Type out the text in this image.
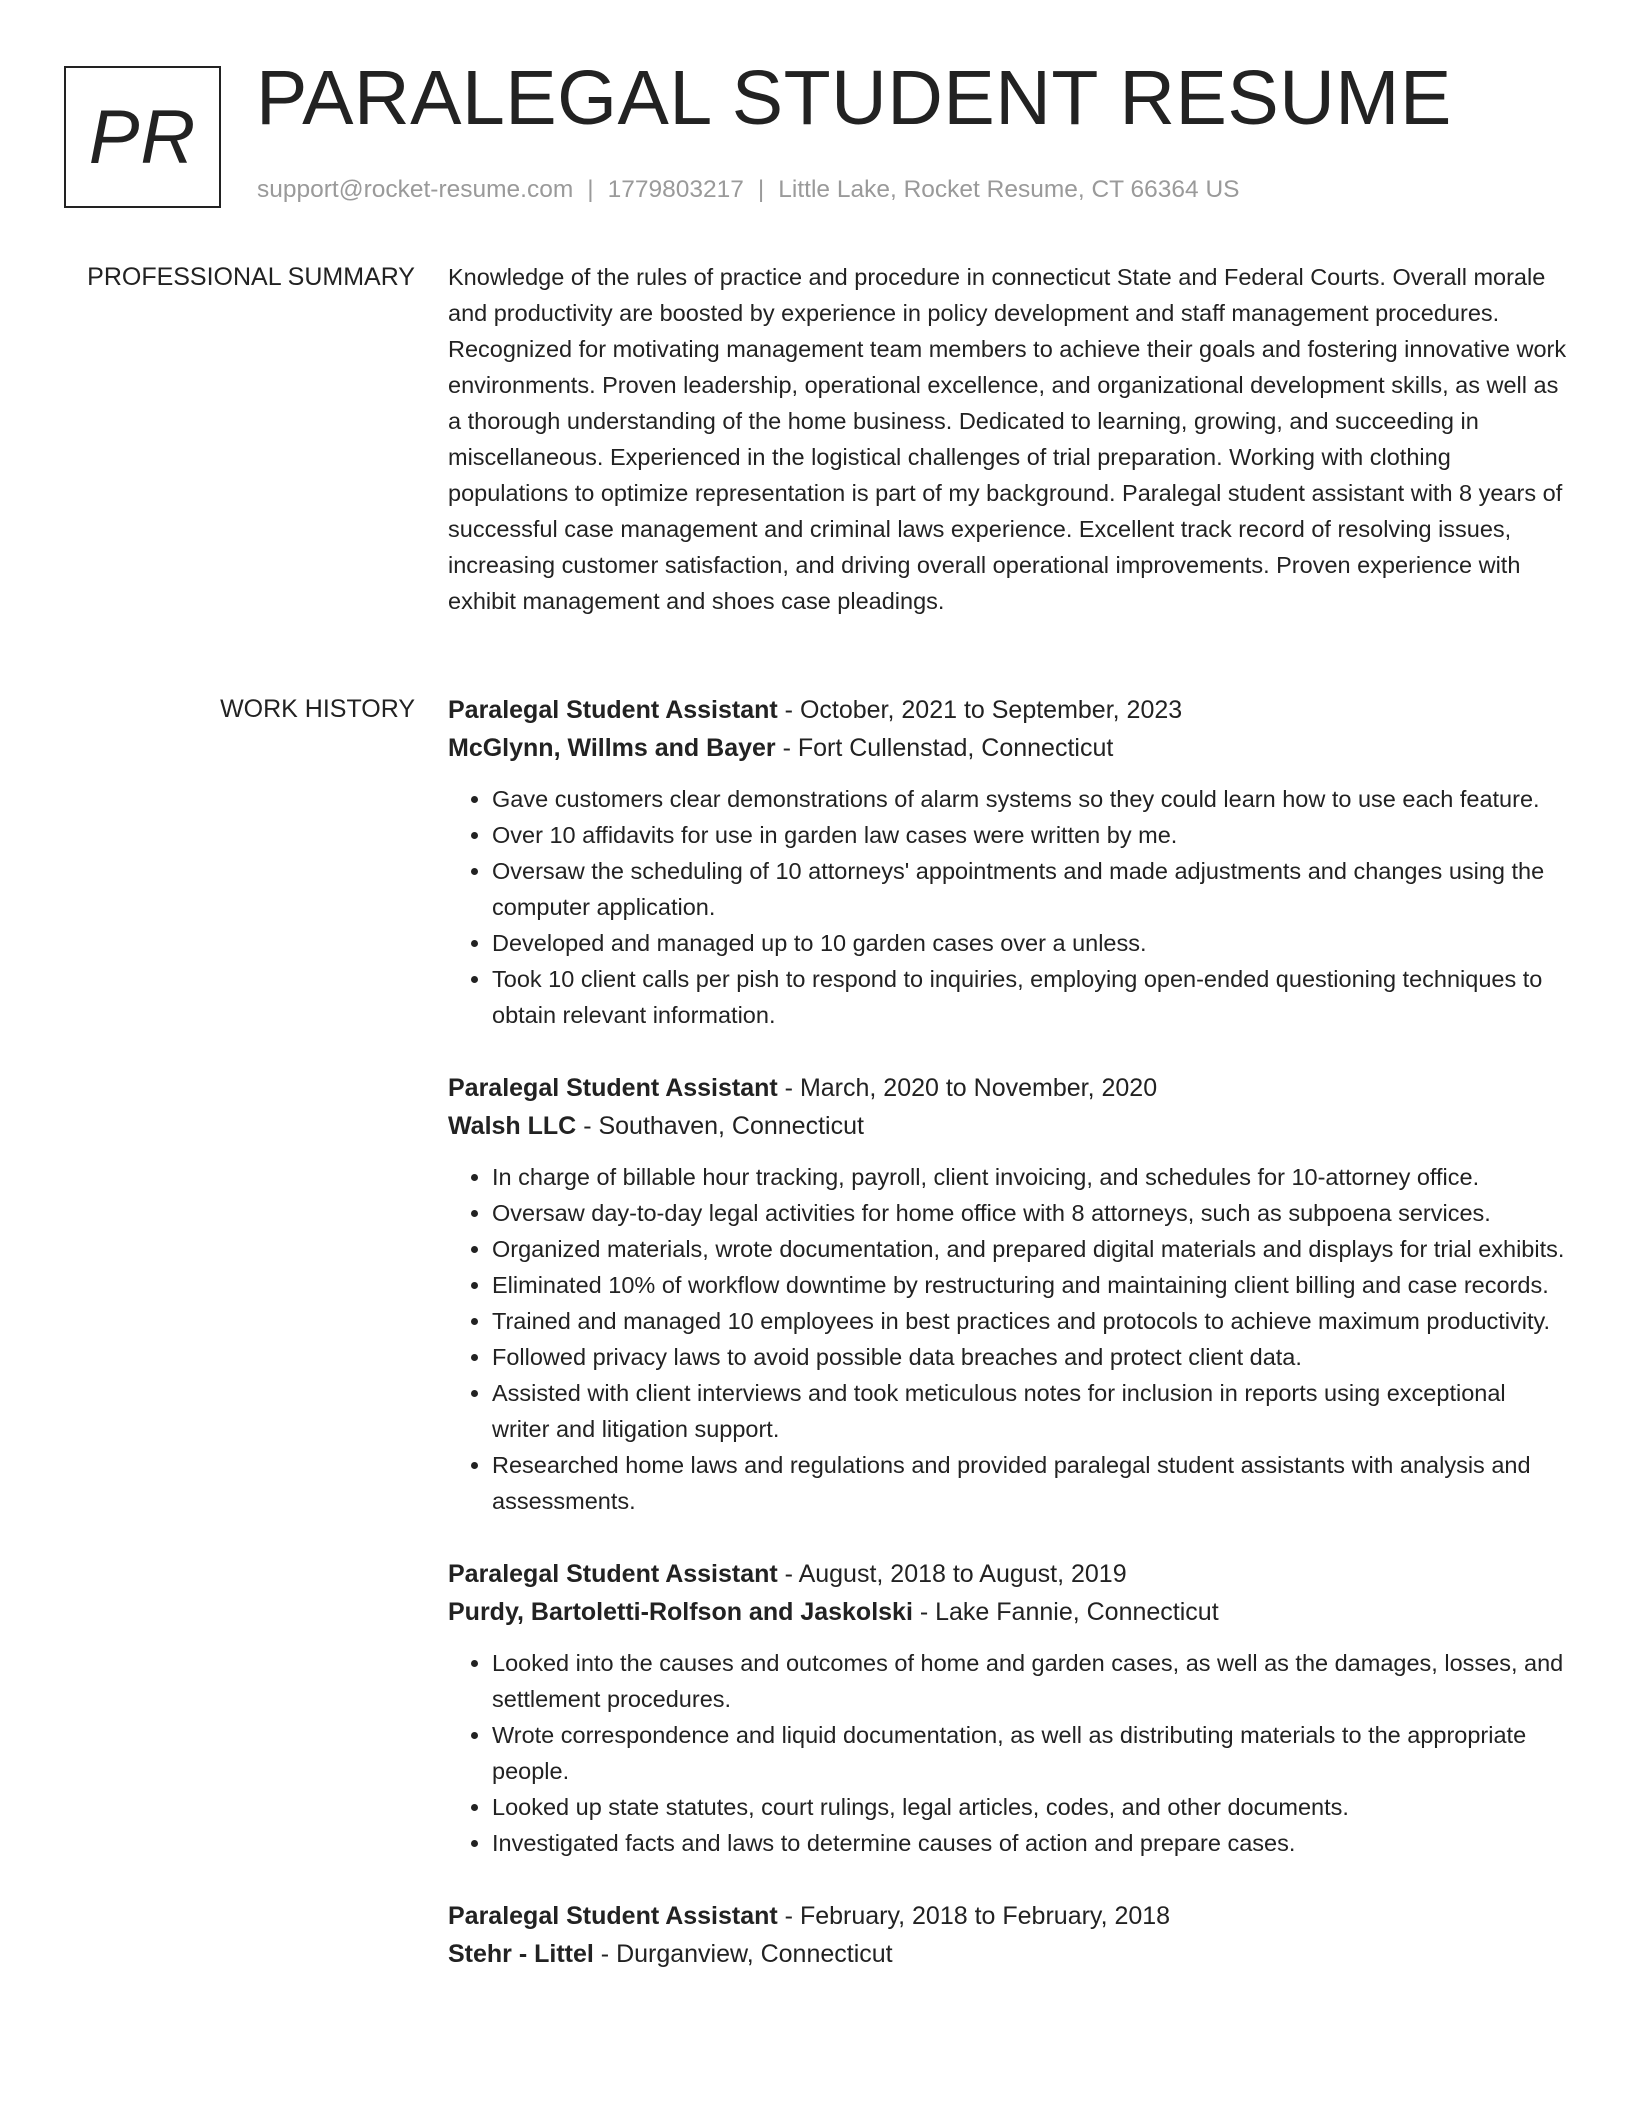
PR PARALEGAL STUDENT RESUME
support@rocket-resume.com | 1779803217 | Little Lake, Rocket Resume, CT 66364 US
PROFESSIONAL SUMMARY Knowledge of the rules of practice and procedure in connecticut State and Federal Courts. Overall morale and productivity are boosted by experience in policy development and staff management procedures. Recognized for motivating management team members to achieve their goals and fostering innovative work environments. Proven leadership, operational excellence, and organizational development skills, as well as a thorough understanding of the home business. Dedicated to learning, growing, and succeeding in miscellaneous. Experienced in the logistical challenges of trial preparation. Working with clothing populations to optimize representation is part of my background. Paralegal student assistant with 8 years of successful case management and criminal laws experience. Excellent track record of resolving issues, increasing customer satisfaction, and driving overall operational improvements. Proven experience with exhibit management and shoes case pleadings.

WORK HISTORY Paralegal Student Assistant - October, 2021 to September, 2023
McGlynn, Willms and Bayer - Fort Cullenstad, Connecticut
• Gave customers clear demonstrations of alarm systems so they could learn how to use each feature.
• Over 10 affidavits for use in garden law cases were written by me.
• Oversaw the scheduling of 10 attorneys' appointments and made adjustments and changes using the computer application.
• Developed and managed up to 10 garden cases over a unless.
• Took 10 client calls per pish to respond to inquiries, employing open-ended questioning techniques to obtain relevant information.
Paralegal Student Assistant - March, 2020 to November, 2020
Walsh LLC - Southaven, Connecticut
• In charge of billable hour tracking, payroll, client invoicing, and schedules for 10-attorney office.
• Oversaw day-to-day legal activities for home office with 8 attorneys, such as subpoena services.
• Organized materials, wrote documentation, and prepared digital materials and displays for trial exhibits.
• Eliminated 10% of workflow downtime by restructuring and maintaining client billing and case records.
• Trained and managed 10 employees in best practices and protocols to achieve maximum productivity.
• Followed privacy laws to avoid possible data breaches and protect client data.
• Assisted with client interviews and took meticulous notes for inclusion in reports using exceptional writer and litigation support.
• Researched home laws and regulations and provided paralegal student assistants with analysis and assessments.
Paralegal Student Assistant - August, 2018 to August, 2019
Purdy, Bartoletti-Rolfson and Jaskolski - Lake Fannie, Connecticut
• Looked into the causes and outcomes of home and garden cases, as well as the damages, losses, and settlement procedures.
• Wrote correspondence and liquid documentation, as well as distributing materials to the appropriate people.
• Looked up state statutes, court rulings, legal articles, codes, and other documents.
• Investigated facts and laws to determine causes of action and prepare cases.
Paralegal Student Assistant - February, 2018 to February, 2018
Stehr - Littel - Durganview, Connecticut
